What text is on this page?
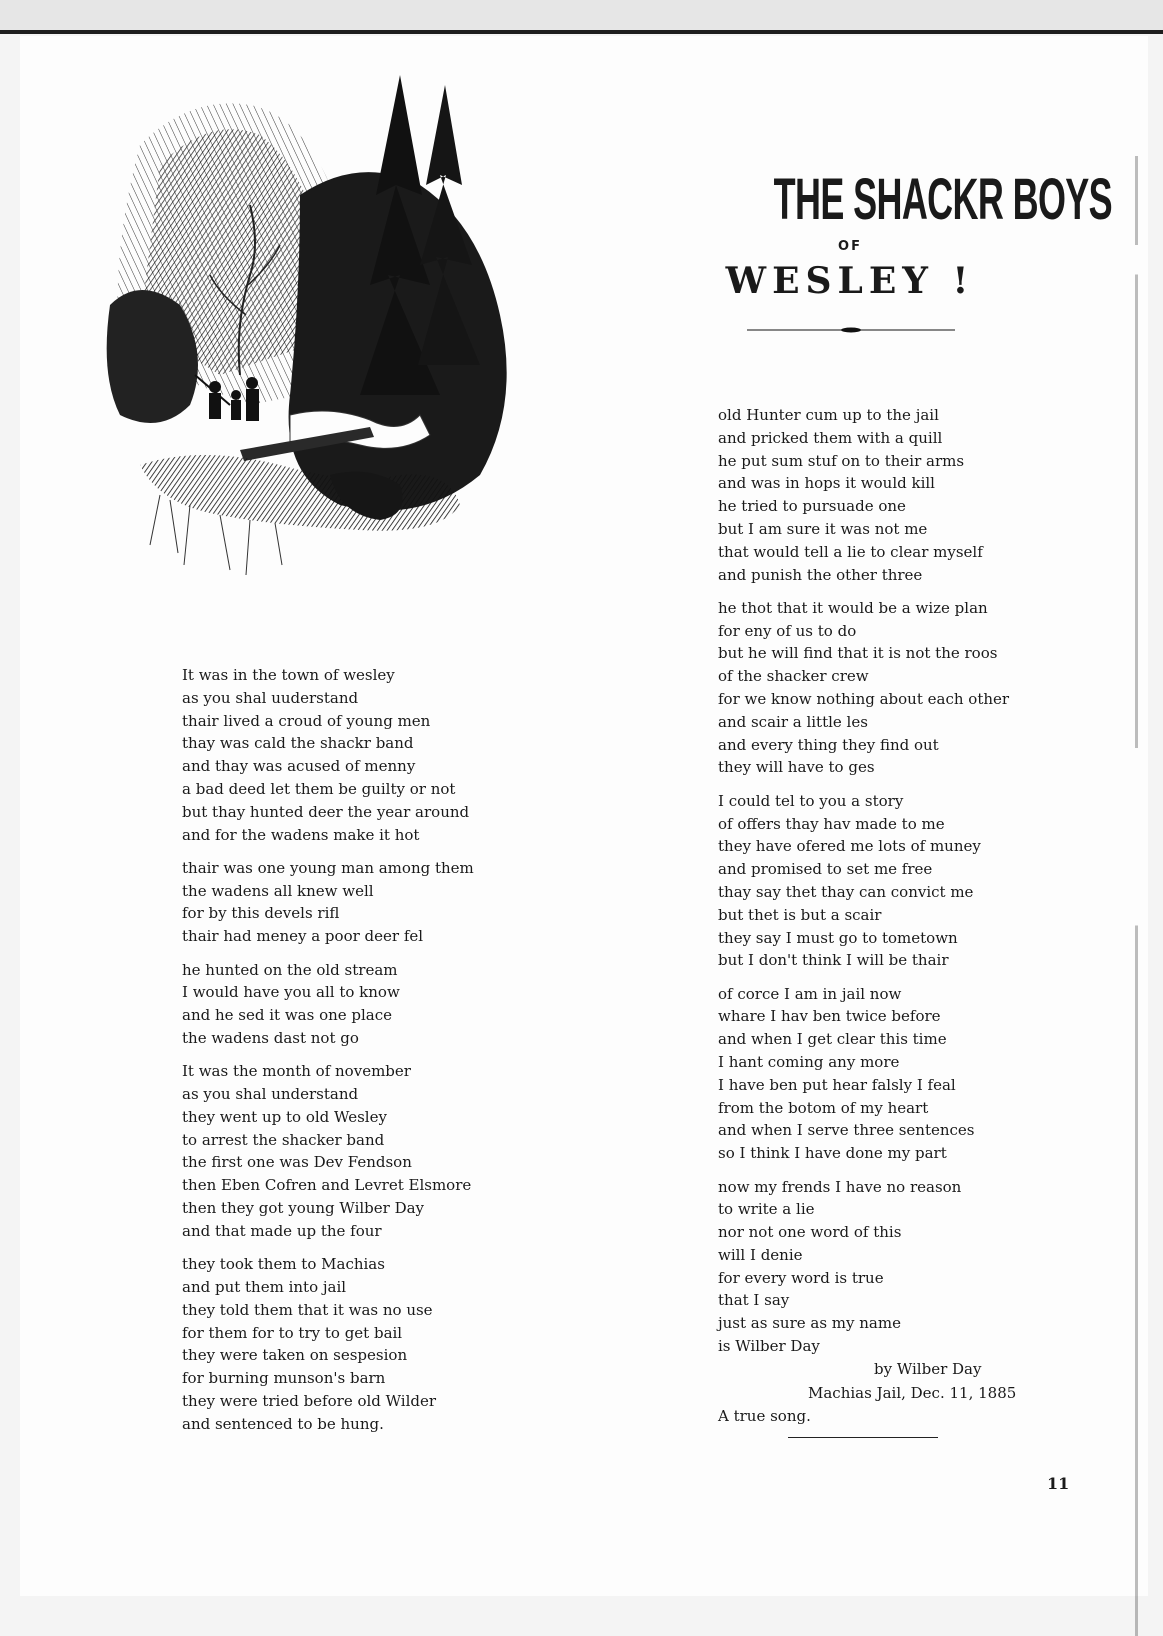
THE SHACKR BOYS
OF
WESLEY !
It was in the town of wesley
as you shal uuderstand
thair lived a croud of young men
thay was cald the shackr band
and thay was acused of menny
a bad deed let them be guilty or not
but thay hunted deer the year around
and for the wadens make it hot
thair was one young man among them
the wadens all knew well
for by this devels rifl
thair had meney a poor deer fel
he hunted on the old stream
I would have you all to know
and he sed it was one place
the wadens dast not go
It was the month of november
as you shal understand
they went up to old Wesley
to arrest the shacker band
the first one was Dev Fendson
then Eben Cofren and Levret Elsmore
then they got young Wilber Day
and that made up the four
they took them to Machias
and put them into jail
they told them that it was no use
for them for to try to get bail
they were taken on sespesion
for burning munson's barn
they were tried before old Wilder
and sentenced to be hung.
old Hunter cum up to the jail
and pricked them with a quill
he put sum stuf on to their arms
and was in hops it would kill
he tried to pursuade one
but I am sure it was not me
that would tell a lie to clear myself
and punish the other three
he thot that it would be a wize plan
for eny of us to do
but he will find that it is not the roos
of the shacker crew
for we know nothing about each other
and scair a little les
and every thing they find out
they will have to ges
I could tel to you a story
of offers thay hav made to me
they have ofered me lots of muney
and promised to set me free
thay say thet thay can convict me
but thet is but a scair
they say I must go to tometown
but I don't think I will be thair
of corce I am in jail now
whare I hav ben twice before
and when I get clear this time
I hant coming any more
I have ben put hear falsly I feal
from the botom of my heart
and when I serve three sentences
so I think I have done my part
now my frends I have no reason
to write a lie
nor not one word of this
will I denie
for every word is true
that I say
just as sure as my name
is Wilber Day
by Wilber Day
Machias Jail, Dec. 11, 1885
A true song.
11
